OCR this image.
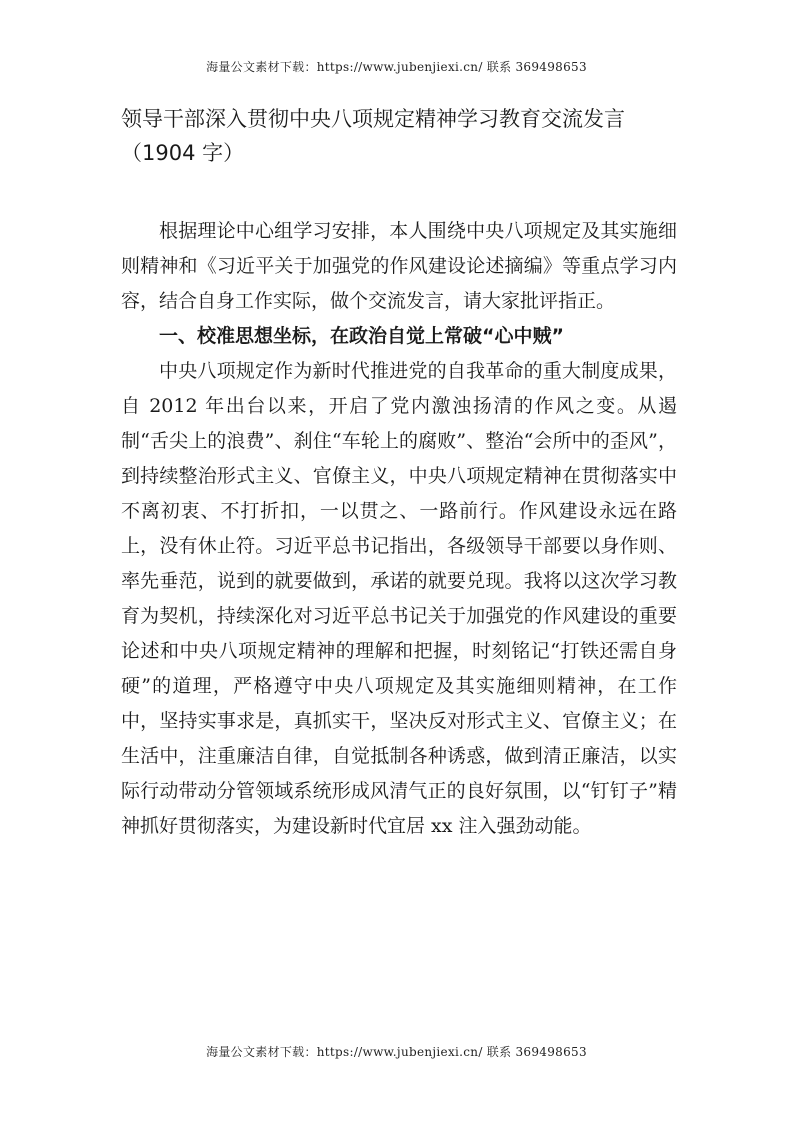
海量公文素材下载：https://www.jubenjiexi.cn/ 联系 369498653
领导干部深入贯彻中央八项规定精神学习教育交流发言（1904 字）

根据理论中心组学习安排，本人围绕中央八项规定及其实施细则精神和《习近平关于加强党的作风建设论述摘编》等重点学习内容，结合自身工作实际，做个交流发言，请大家批评指正。

一、校准思想坐标，在政治自觉上常破“心中贼”

中央八项规定作为新时代推进党的自我革命的重大制度成果，自 2012 年出台以来，开启了党内激浊扬清的作风之变。从遏制“舌尖上的浪费”、刹住“车轮上的腐败”、整治“会所中的歪风”，到持续整治形式主义、官僚主义，中央八项规定精神在贯彻落实中不离初衷、不打折扣，一以贯之、一路前行。作风建设永远在路上，没有休止符。习近平总书记指出，各级领导干部要以身作则、率先垂范，说到的就要做到，承诺的就要兑现。我将以这次学习教育为契机，持续深化对习近平总书记关于加强党的作风建设的重要论述和中央八项规定精神的理解和把握，时刻铭记“打铁还需自身硬”的道理，严格遵守中央八项规定及其实施细则精神，在工作中，坚持实事求是，真抓实干，坚决反对形式主义、官僚主义；在生活中，注重廉洁自律，自觉抵制各种诱惑，做到清正廉洁，以实际行动带动分管领域系统形成风清气正的良好氛围，以“钉钉子”精神抓好贯彻落实，为建设新时代宜居 xx 注入强劲动能。

海量公文素材下载：https://www.jubenjiexi.cn/ 联系 369498653
